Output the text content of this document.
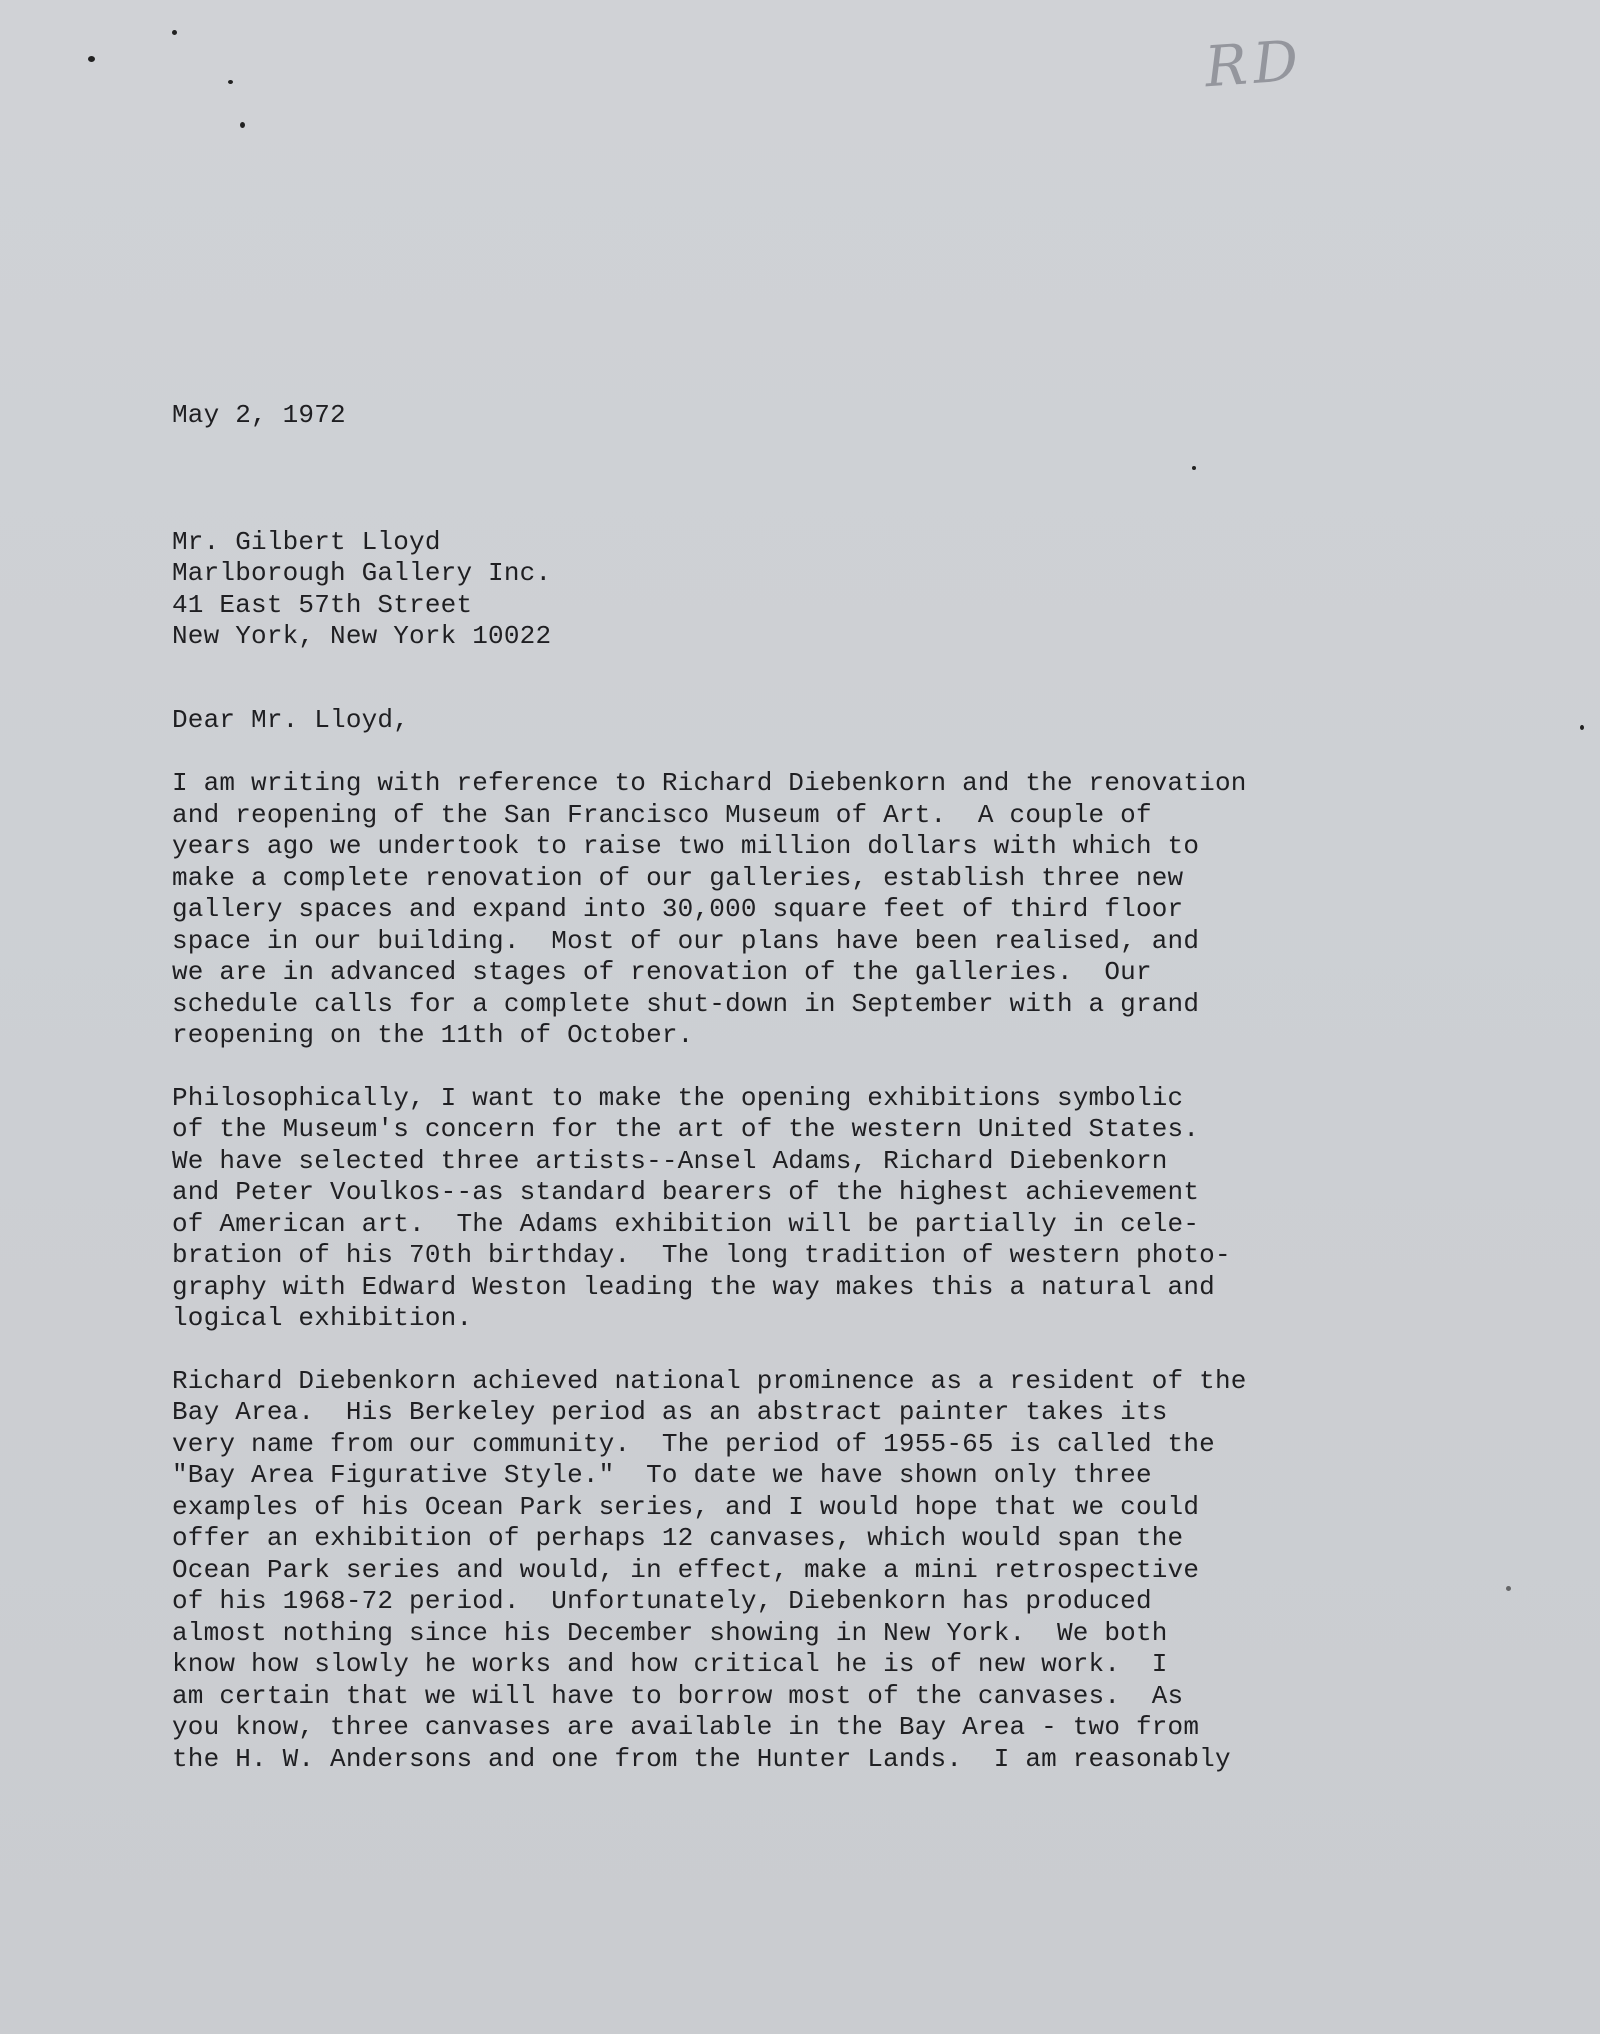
RD
May 2, 1972
Mr. Gilbert Lloyd
Marlborough Gallery Inc.
41 East 57th Street
New York, New York 10022
Dear Mr. Lloyd,
I am writing with reference to Richard Diebenkorn and the renovation
and reopening of the San Francisco Museum of Art.  A couple of
years ago we undertook to raise two million dollars with which to
make a complete renovation of our galleries, establish three new
gallery spaces and expand into 30,000 square feet of third floor
space in our building.  Most of our plans have been realised, and
we are in advanced stages of renovation of the galleries.  Our
schedule calls for a complete shut-down in September with a grand
reopening on the 11th of October.
Philosophically, I want to make the opening exhibitions symbolic
of the Museum's concern for the art of the western United States.
We have selected three artists--Ansel Adams, Richard Diebenkorn
and Peter Voulkos--as standard bearers of the highest achievement
of American art.  The Adams exhibition will be partially in cele-
bration of his 70th birthday.  The long tradition of western photo-
graphy with Edward Weston leading the way makes this a natural and
logical exhibition.
Richard Diebenkorn achieved national prominence as a resident of the
Bay Area.  His Berkeley period as an abstract painter takes its
very name from our community.  The period of 1955-65 is called the
"Bay Area Figurative Style."  To date we have shown only three
examples of his Ocean Park series, and I would hope that we could
offer an exhibition of perhaps 12 canvases, which would span the
Ocean Park series and would, in effect, make a mini retrospective
of his 1968-72 period.  Unfortunately, Diebenkorn has produced
almost nothing since his December showing in New York.  We both
know how slowly he works and how critical he is of new work.  I
am certain that we will have to borrow most of the canvases.  As
you know, three canvases are available in the Bay Area - two from
the H. W. Andersons and one from the Hunter Lands.  I am reasonably
